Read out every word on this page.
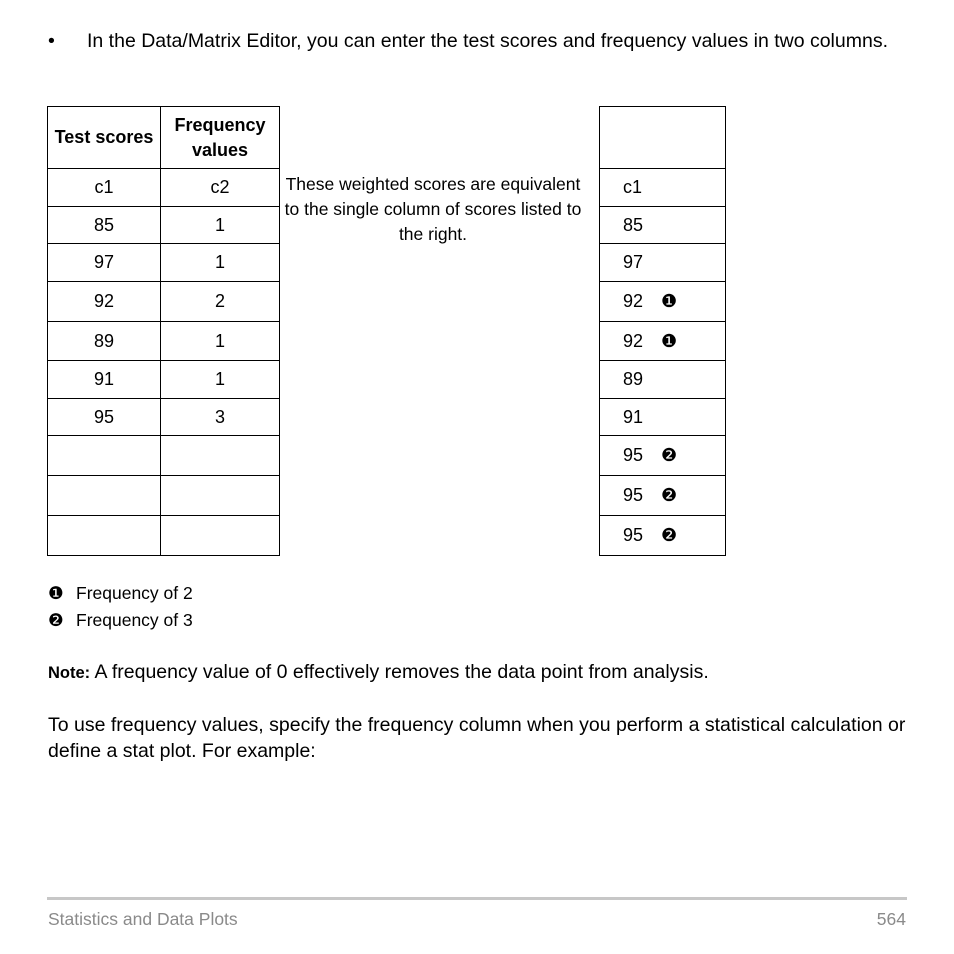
•	In the Data/Matrix Editor, you can enter the test scores and frequency values in two columns.
Test scores	Frequency values
c1	c2
85	1
97	1
92	2
89	1
91	1
95	3

These weighted scores are equivalent to the single column of scores listed to the right.

c1
85
97
92 ❶
92 ❶
89
91
95 ❷
95 ❷
95 ❷
❶ Frequency of 2
❷ Frequency of 3
Note: A frequency value of 0 effectively removes the data point from analysis.
To use frequency values, specify the frequency column when you perform a statistical calculation or define a stat plot. For example:
Statistics and Data Plots	564
